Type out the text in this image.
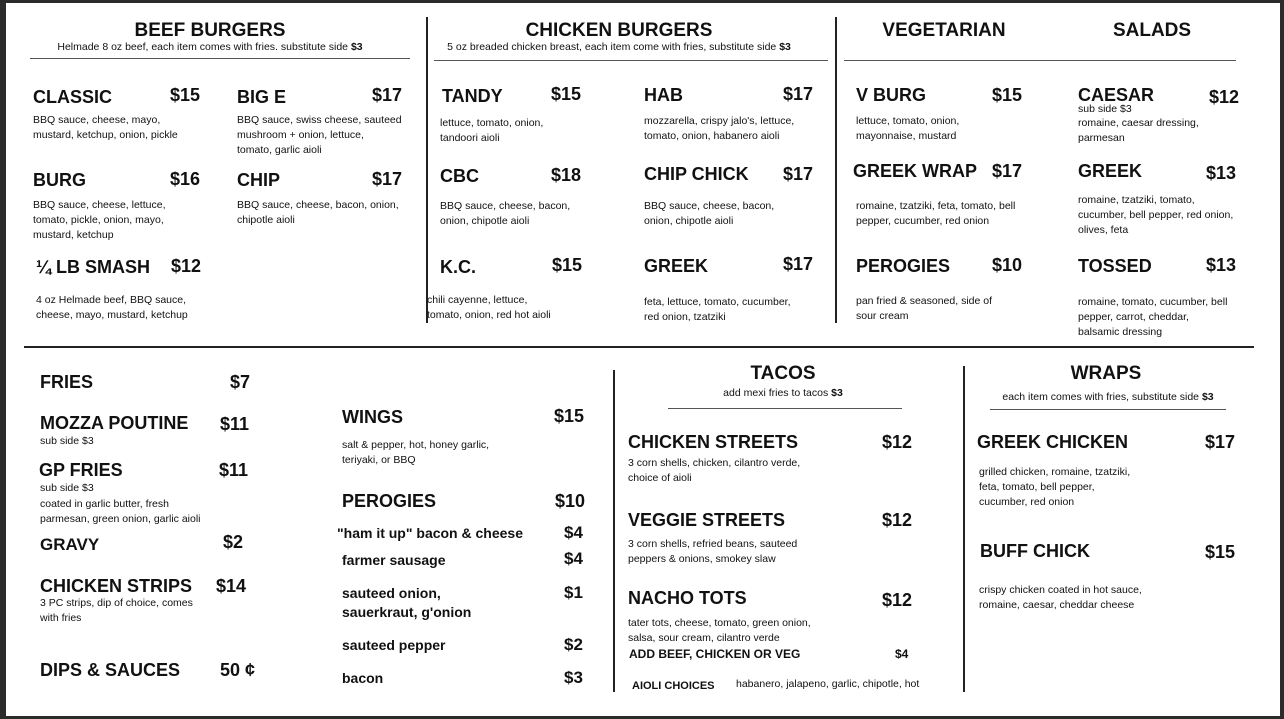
BEEF BURGERS
Helmade 8 oz beef, each item comes with fries. substitute side $3
CLASSIC	$15
BBQ sauce, cheese, mayo,
mustard, ketchup, onion, pickle
BIG E	$17
BBQ sauce, swiss cheese, sauteed
mushroom + onion, lettuce,
tomato, garlic aioli
BURG	$16
BBQ sauce, cheese, lettuce,
tomato, pickle, onion, mayo,
mustard, ketchup
CHIP	$17
BBQ sauce, cheese, bacon, onion,
chipotle aioli
¼ LB SMASH $12
4 oz Helmade beef, BBQ sauce,
cheese, mayo, mustard, ketchup
CHICKEN BURGERS
5 oz breaded chicken breast, each item come with fries, substitute side $3
TANDY	$15
lettuce, tomato, onion,
tandoori aioli
HAB	$17
mozzarella, crispy jalo's, lettuce,
tomato, onion, habanero aioli
CBC	$18
BBQ sauce, cheese, bacon,
onion, chipotle aioli
CHIP CHICK $17
BBQ sauce, cheese, bacon,
onion, chipotle aioli
K.C.	$15
chili cayenne, lettuce,
tomato, onion, red hot aioli
GREEK	$17
feta, lettuce, tomato, cucumber,
red onion, tzatziki
VEGETARIAN
V BURG	$15
lettuce, tomato, onion,
mayonnaise, mustard
GREEK WRAP $17
romaine, tzatziki, feta, tomato, bell
pepper, cucumber, red onion
PEROGIES $10
pan fried & seasoned, side of
sour cream
SALADS
CAESAR	$12
sub side $3
romaine, caesar dressing,
parmesan
GREEK	$13
romaine, tzatziki, tomato,
cucumber, bell pepper, red onion,
olives, feta
TOSSED	$13
romaine, tomato, cucumber, bell
pepper, carrot, cheddar,
balsamic dressing
FRIES	$7
MOZZA POUTINE $11
sub side $3
GP FRIES	$11
sub side $3
coated in garlic butter, fresh
parmesan, green onion, garlic aioli
GRAVY	$2
CHICKEN STRIPS $14
3 PC strips, dip of choice, comes
with fries
DIPS & SAUCES 50 ¢
WINGS	$15
salt & pepper, hot, honey garlic,
teriyaki, or BBQ
PEROGIES	$10
"ham it up" bacon & cheese $4
farmer sausage	$4
sauteed onion,
sauerkraut, g'onion
$1
sauteed pepper	$2
bacon	$3
TACOS
add mexi fries to tacos $3
CHICKEN STREETS	$12
3 corn shells, chicken, cilantro verde,
choice of aioli
VEGGIE STREETS	$12
3 corn shells, refried beans, sauteed
peppers & onions, smokey slaw
NACHO TOTS	$12
tater tots, cheese, tomato, green onion,
salsa, sour cream, cilantro verde
ADD BEEF, CHICKEN OR VEG	$4
AIOLI CHOICES habanero, jalapeno, garlic, chipotle, hot
WRAPS
each item comes with fries, substitute side $3
GREEK CHICKEN	$17
grilled chicken, romaine, tzatziki,
feta, tomato, bell pepper,
cucumber, red onion
BUFF CHICK	$15
crispy chicken coated in hot sauce,
romaine, caesar, cheddar cheese
